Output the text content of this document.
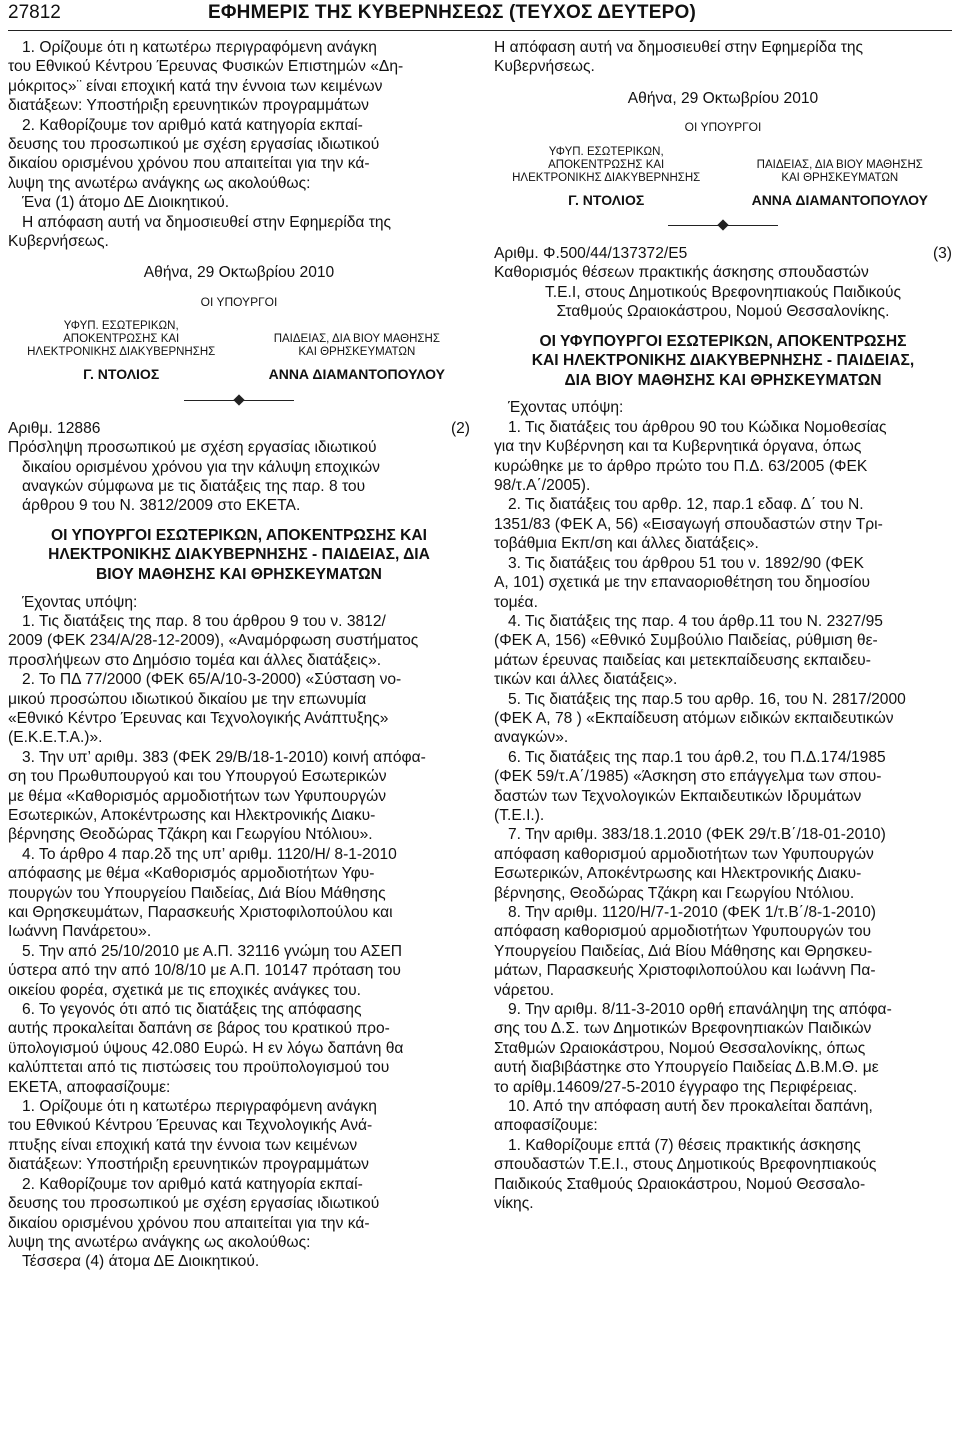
27812	ΕΦΗΜΕΡΙΣ ΤΗΣ ΚΥΒΕΡΝΗΣΕΩΣ (ΤΕΥΧΟΣ ΔΕΥΤΕΡΟ)
1. Ορίζουμε ότι η κατωτέρω περιγραφόμενη ανάγκη
του Εθνικού Κέντρου Έρευνας Φυσικών Επιστημών «Δη-
μόκριτος»¨ είναι εποχική κατά την έννοια των κειμένων
διατάξεων: Υποστήριξη ερευνητικών προγραμμάτων
2. Καθορίζουμε τον αριθμό κατά κατηγορία εκπαί-
δευσης του προσωπικού με σχέση εργασίας ιδιωτικού
δικαίου ορισμένου χρόνου που απαιτείται για την κά-
λυψη της ανωτέρω ανάγκης ως ακολούθως:
Ένα (1) άτομο ΔΕ Διοικητικού.
Η απόφαση αυτή να δημοσιευθεί στην Εφημερίδα της
Κυβερνήσεως.
Αθήνα, 29 Οκτωβρίου 2010
ΟΙ ΥΠΟΥΡΓΟΙ
ΥΦΥΠ. ΕΣΩΤΕΡΙΚΩΝ,
ΑΠΟΚΕΝΤΡΩΣΗΣ ΚΑΙ
ΗΛΕΚΤΡΟΝΙΚΗΣ ΔΙΑΚΥΒΕΡΝΗΣΗΣ
ΠΑΙΔΕΙΑΣ, ΔΙΑ ΒΙΟΥ ΜΑΘΗΣΗΣ
ΚΑΙ ΘΡΗΣΚΕΥΜΑΤΩΝ
Γ. ΝΤΟΛΙΟΣ	ΑΝΝΑ ΔΙΑΜΑΝΤΟΠΟΥΛΟΥ
Αριθμ. 12886	(2)
Πρόσληψη προσωπικού με σχέση εργασίας ιδιωτικού
δικαίου ορισμένου χρόνου για την κάλυψη εποχικών
αναγκών σύμφωνα με τις διατάξεις της παρ. 8 του
άρθρου 9 του Ν. 3812/2009 στο ΕΚΕΤΑ.
ΟΙ ΥΠΟΥΡΓΟΙ ΕΣΩΤΕΡΙΚΩΝ, ΑΠΟΚΕΝΤΡΩΣΗΣ ΚΑΙ
ΗΛΕΚΤΡΟΝΙΚΗΣ ΔΙΑΚΥΒΕΡΝΗΣΗΣ - ΠΑΙΔΕΙΑΣ, ΔΙΑ
ΒΙΟΥ ΜΑΘΗΣΗΣ ΚΑΙ ΘΡΗΣΚΕΥΜΑΤΩΝ
Έχοντας υπόψη:
1. Τις διατάξεις της παρ. 8 του άρθρου 9 του ν. 3812/
2009 (ΦΕΚ 234/Α/28-12-2009), «Αναμόρφωση συστήματος
προσλήψεων στο Δημόσιο τομέα και άλλες διατάξεις».
2. Το ΠΔ 77/2000 (ΦΕΚ 65/Α/10-3-2000) «Σύσταση νο-
μικού προσώπου ιδιωτικού δικαίου με την επωνυμία
«Εθνικό Κέντρο Έρευνας και Τεχνολογικής Ανάπτυξης»
(Ε.Κ.Ε.Τ.Α.)».
3. Την υπ’ αριθμ. 383 (ΦΕΚ 29/Β/18-1-2010) κοινή απόφα-
ση του Πρωθυπουργού και του Υπουργού Εσωτερικών
με θέμα «Καθορισμός αρμοδιοτήτων των Υφυπουργών
Εσωτερικών, Αποκέντρωσης και Ηλεκτρονικής Διακυ-
βέρνησης Θεοδώρας Τζάκρη και Γεωργίου Ντόλιου».
4. Το άρθρο 4 παρ.2δ της υπ’ αριθμ. 1120/Η/ 8-1-2010
απόφασης με θέμα «Καθορισμός αρμοδιοτήτων Υφυ-
πουργών του Υπουργείου Παιδείας, Διά Βίου Μάθησης
και Θρησκευμάτων, Παρασκευής Χριστοφιλοπούλου και
Ιωάννη Πανάρετου».
5. Την από 25/10/2010 με Α.Π. 32116 γνώμη του ΑΣΕΠ
ύστερα από την από 10/8/10 με Α.Π. 10147 πρόταση του
οικείου φορέα, σχετικά με τις εποχικές ανάγκες του.
6. Το γεγονός ότι από τις διατάξεις της απόφασης
αυτής προκαλείται δαπάνη σε βάρος του κρατικού προ-
ϋπολογισμού ύψους 42.080 Ευρώ. Η εν λόγω δαπάνη θα
καλύπτεται από τις πιστώσεις του προϋπολογισμού του
ΕΚΕΤΑ, αποφασίζουμε:
1. Ορίζουμε ότι η κατωτέρω περιγραφόμενη ανάγκη
του Εθνικού Κέντρου Έρευνας και Τεχνολογικής Ανά-
πτυξης είναι εποχική κατά την έννοια των κειμένων
διατάξεων: Υποστήριξη ερευνητικών προγραμμάτων
2. Καθορίζουμε τον αριθμό κατά κατηγορία εκπαί-
δευσης του προσωπικού με σχέση εργασίας ιδιωτικού
δικαίου ορισμένου χρόνου που απαιτείται για την κά-
λυψη της ανωτέρω ανάγκης ως ακολούθως:
Τέσσερα (4) άτομα ΔΕ Διοικητικού.
Η απόφαση αυτή να δημοσιευθεί στην Εφημερίδα της
Κυβερνήσεως.
Αθήνα, 29 Οκτωβρίου 2010
ΟΙ ΥΠΟΥΡΓΟΙ
ΥΦΥΠ. ΕΣΩΤΕΡΙΚΩΝ,
ΑΠΟΚΕΝΤΡΩΣΗΣ ΚΑΙ
ΗΛΕΚΤΡΟΝΙΚΗΣ ΔΙΑΚΥΒΕΡΝΗΣΗΣ
ΠΑΙΔΕΙΑΣ, ΔΙΑ ΒΙΟΥ ΜΑΘΗΣΗΣ
ΚΑΙ ΘΡΗΣΚΕΥΜΑΤΩΝ
Γ. ΝΤΟΛΙΟΣ	ΑΝΝΑ ΔΙΑΜΑΝΤΟΠΟΥΛΟΥ
Αριθμ. Φ.500/44/137372/Ε5	(3)
Καθορισμός θέσεων πρακτικής άσκησης σπουδαστών
Τ.Ε.Ι, στους Δημοτικούς Βρεφονηπιακούς Παιδικούς
Σταθμούς Ωραιοκάστρου, Νομού Θεσσαλονίκης.
ΟΙ ΥΦΥΠΟΥΡΓΟΙ ΕΣΩΤΕΡΙΚΩΝ, ΑΠΟΚΕΝΤΡΩΣΗΣ
ΚΑΙ ΗΛΕΚΤΡΟΝΙΚΗΣ ΔΙΑΚΥΒΕΡΝΗΣΗΣ - ΠΑΙΔΕΙΑΣ,
ΔΙΑ ΒΙΟΥ ΜΑΘΗΣΗΣ ΚΑΙ ΘΡΗΣΚΕΥΜΑΤΩΝ
Έχοντας υπόψη:
1. Τις διατάξεις του άρθρου 90 του Κώδικα Νομοθεσίας
για την Κυβέρνηση και τα Κυβερνητικά όργανα, όπως
κυρώθηκε με το άρθρο πρώτο του Π.Δ. 63/2005 (ΦΕΚ
98/τ.Α΄/2005).
2. Τις διατάξεις του αρθρ. 12, παρ.1 εδαφ. Δ΄ του Ν.
1351/83 (ΦΕΚ Α, 56) «Εισαγωγή σπουδαστών στην Τρι-
τοβάθμια Εκπ/ση και άλλες διατάξεις».
3. Τις διατάξεις του άρθρου 51 του ν. 1892/90 (ΦΕΚ
Α, 101) σχετικά με την επαναοριοθέτηση του δημοσίου
τομέα.
4. Τις διατάξεις της παρ. 4 του άρθρ.11 του Ν. 2327/95
(ΦΕΚ Α, 156) «Εθνικό Συμβούλιο Παιδείας, ρύθμιση θε-
μάτων έρευνας παιδείας και μετεκπαίδευσης εκπαιδευ-
τικών και άλλες διατάξεις».
5. Τις διατάξεις της παρ.5 του αρθρ. 16, του Ν. 2817/2000
(ΦΕΚ Α, 78 ) «Εκπαίδευση ατόμων ειδικών εκπαιδευτικών
αναγκών».
6. Τις διατάξεις της παρ.1 του άρθ.2, του Π.Δ.174/1985
(ΦΕΚ 59/τ.Α΄/1985) «Άσκηση στο επάγγελμα των σπου-
δαστών των Τεχνολογικών Εκπαιδευτικών Ιδρυμάτων
(Τ.Ε.Ι.).
7. Την αριθμ. 383/18.1.2010 (ΦΕΚ 29/τ.Β΄/18-01-2010)
απόφαση καθορισμού αρμοδιοτήτων των Υφυπουργών
Εσωτερικών, Αποκέντρωσης και Ηλεκτρονικής Διακυ-
βέρνησης, Θεοδώρας Τζάκρη και Γεωργίου Ντόλιου.
8. Την αριθμ. 1120/Η/7-1-2010 (ΦΕΚ 1/τ.Β΄/8-1-2010)
απόφαση καθορισμού αρμοδιοτήτων Υφυπουργών του
Υπουργείου Παιδείας, Διά Βίου Μάθησης και Θρησκευ-
μάτων, Παρασκευής Χριστοφιλοπούλου και Ιωάννη Πα-
νάρετου.
9. Την αριθμ. 8/11-3-2010 ορθή επανάληψη της απόφα-
σης του Δ.Σ. των Δημοτικών Βρεφονηπιακών Παιδικών
Σταθμών Ωραιοκάστρου, Νομού Θεσσαλονίκης, όπως
αυτή διαβιβάστηκε στο Υπουργείο Παιδείας Δ.Β.Μ.Θ. με
το αρίθμ.14609/27-5-2010 έγγραφο της Περιφέρειας.
10. Από την απόφαση αυτή δεν προκαλείται δαπάνη,
αποφασίζουμε:
1. Καθορίζουμε επτά (7) θέσεις πρακτικής άσκησης
σπουδαστών Τ.Ε.Ι., στους Δημοτικούς Βρεφονηπιακούς
Παιδικούς Σταθμούς Ωραιοκάστρου, Νομού Θεσσαλο-
νίκης.
